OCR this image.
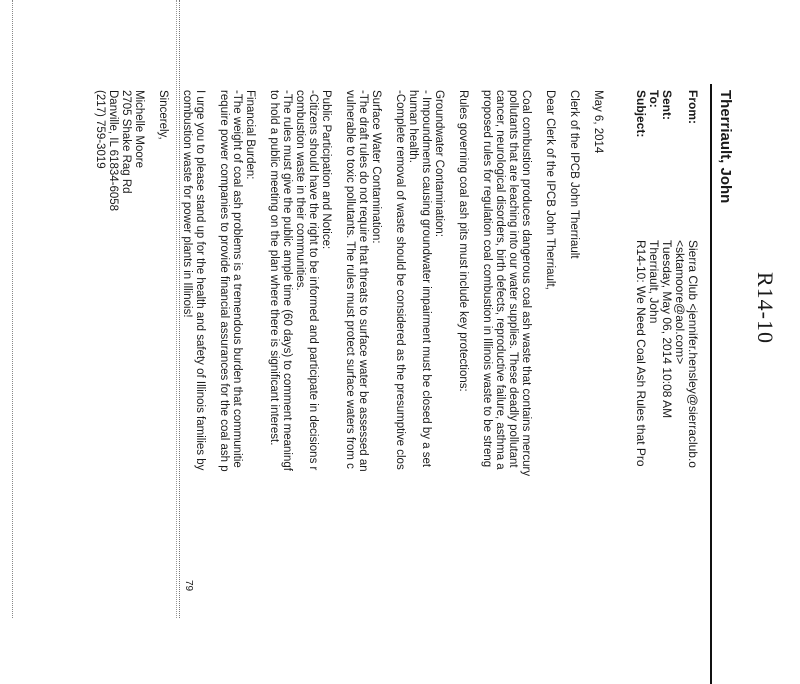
R14-10
Therriault, John
From:
Sierra Club <jennifer.hensley@sierraclub.o
<sktamoore@aol.com>
Sent:
Tuesday, May 06, 2014 10:08 AM
To:
Therriault, John
Subject:
R14-10: We Need Coal Ash Rules that Pro
May 6, 2014
Clerk of the IPCB John Therriault
Dear Clerk of the IPCB John Therriault,
Coal combustion produces dangerous coal ash waste that contains mercury
pollutants that are leaching into our water supplies. These deadly pollutant
cancer, neurological disorders, birth defects, reproductive failure, asthma a
proposed rules for regulation coal combustion in Illinois waste to be streng
Rules governing coal ash pits must include key protections:
Groundwater Contamination:
- Impoundments causing groundwater impairment must be closed by a set
human health.
-Complete removal of waste should be considered as the presumptive clos
Surface Water Contamination:
-The draft rules do not require that threats to surface water be assessed an
vulnerable to toxic pollutants. The rules must protect surface waters from c
Public Participation and Notice:
-Citizens should have the right to be informed and participate in decisions r
combustion waste in their communities.
-The rules must give the public ample time (60 days) to comment meaningf
to hold a public meeting on the plan where there is significant interest.
Financial Burden:
-The weight of coal ash problems is a tremendous burden that communitie
require power companies to provide financial assurances for the coal ash p
I urge you to please stand up for the health and safety of Illinois families by
combustion waste for power plants in Illinois!
Sincerely,
Michelle Moore
2705 Shake Rag Rd
Danville, IL 61834-6058
(217) 759-3019
79
